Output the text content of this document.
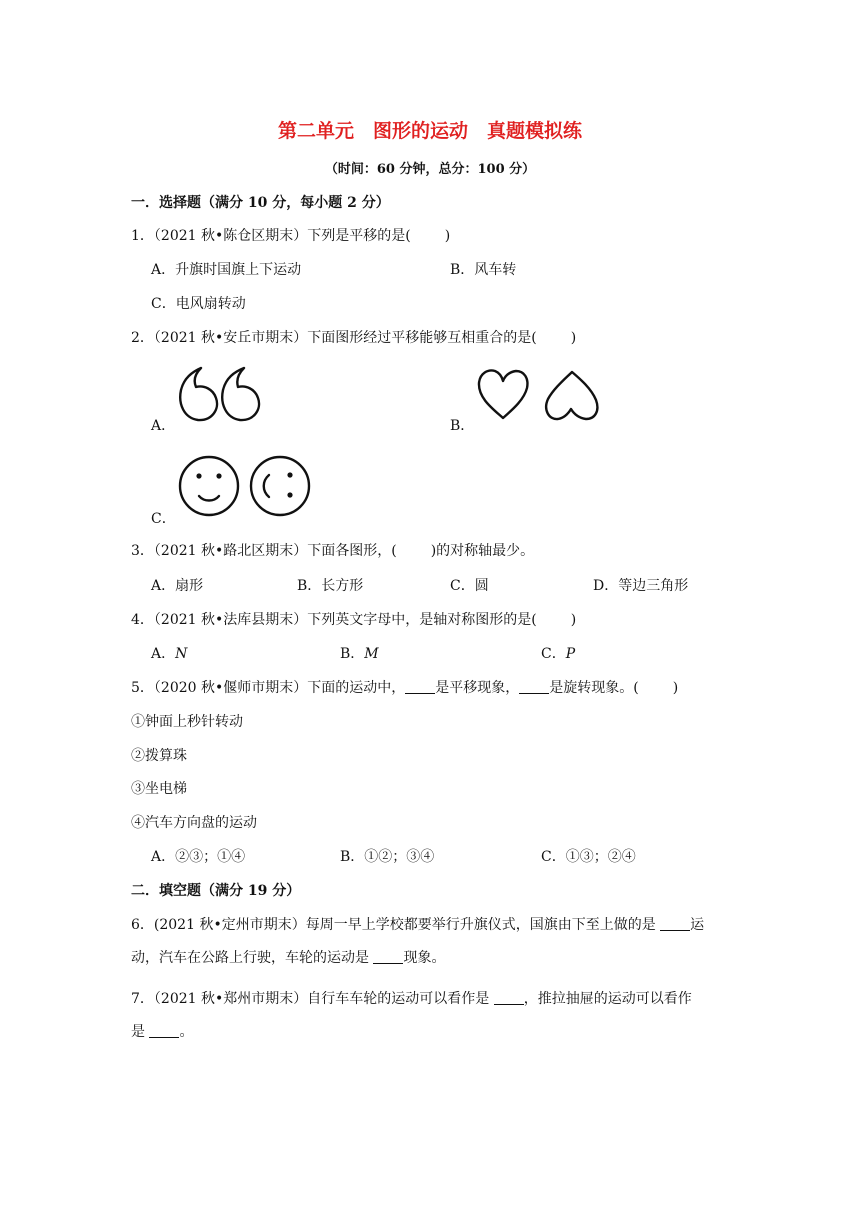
第二单元　图形的运动　真题模拟练
（时间：60 分钟，总分：100 分）
一．选择题（满分 10 分，每小题 2 分）
1．（2021 秋•陈仓区期末）下列是平移的是( )
A．升旗时国旗上下运动	B．风车转
C．电风扇转动
2．（2021 秋•安丘市期末）下面图形经过平移能够互相重合的是( )
A．	B．
C．
3．（2021 秋•路北区期末）下面各图形，( )的对称轴最少。
A．扇形	B．长方形	C．圆	D．等边三角形
4．（2021 秋•法库县期末）下列英文字母中，是轴对称图形的是( )
A．N	B．M	C．P
5．（2020 秋•偃师市期末）下面的运动中， 是平移现象， 是旋转现象。( )
①钟面上秒针转动
②拨算珠
③坐电梯
④汽车方向盘的运动
A．②③；①④	B．①②；③④	C．①③；②④
二．填空题（满分 19 分）
6．(2021 秋•定州市期末）每周一早上学校都要举行升旗仪式，国旗由下至上做的是 运
动，汽车在公路上行驶，车轮的运动是 现象。
7．（2021 秋•郑州市期末）自行车车轮的运动可以看作是 ，推拉抽屉的运动可以看作
是 。
